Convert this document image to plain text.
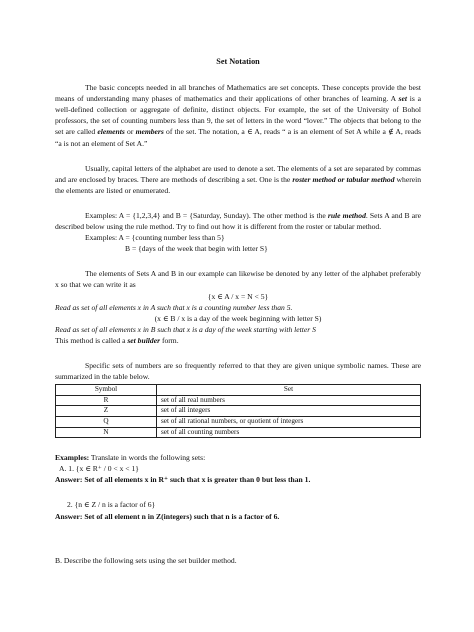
Set Notation

The basic concepts needed in all branches of Mathematics are set concepts. These concepts provide the best means of understanding many phases of mathematics and their applications of other branches of learning. A set is a well-defined collection or aggregate of definite, distinct objects. For example, the set of the University of Bohol professors, the set of counting numbers less than 9, the set of letters in the word “lover.” The objects that belong to the set are called elements or members of the set. The notation, a ∈ A, reads “ a is an element of Set A while a ∉ A, reads “a is not an element of Set A.”

Usually, capital letters of the alphabet are used to denote a set. The elements of a set are separated by commas and are enclosed by braces. There are methods of describing a set. One is the roster method or tabular method wherein the elements are listed or enumerated.

Examples: A = {1,2,3,4} and B = {Saturday, Sunday). The other method is the rule method. Sets A and B are described below using the rule method. Try to find out how it is different from the roster or tabular method.

Examples: A = {counting number less than 5}

B = {days of the week that begin with letter S}

The elements of Sets A and B in our example can likewise be denoted by any letter of the alphabet preferably x so that we can write it as

{x ∈ A / x = N < 5}

Read as set of all elements x in A such that x is a counting number less than 5.

(x ∈ B / x is a day of the week beginning with letter S)

Read as set of all elements x in B such that x is a day of the week starting with letter S

This method is called a set builder form.

Specific sets of numbers are so frequently referred to that they are given unique symbolic names. These are summarized in the table below.

Symbol	Set
R	set of all real numbers
Z	set of all integers
Q	set of all rational numbers, or quotient of integers
N	set of all counting numbers

Examples: Translate in words the following sets:

A. 1. {x ∈ R⁺ / 0 < x < 1}

Answer: Set of all elements x in R⁺ such that x is greater than 0 but less than 1.

2. {n ∈ Z / n is a factor of 6}

Answer: Set of all element n in Z(integers) such that n is a factor of 6.

B. Describe the following sets using the set builder method.
